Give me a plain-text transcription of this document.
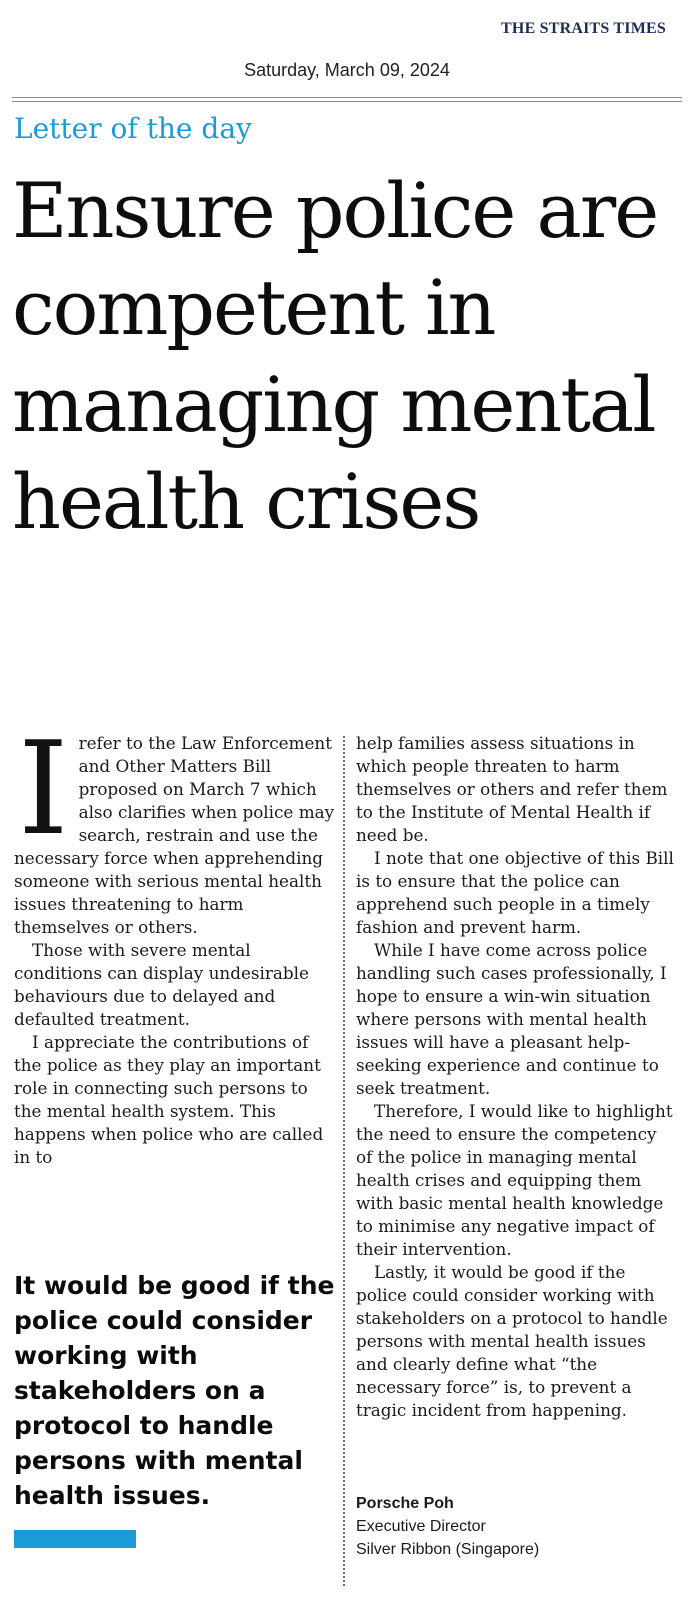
THE STRAITS TIMES
Saturday, March 09, 2024
Letter of the day
Ensure police are competent in managing mental health crises
I refer to the Law Enforcement and Other Matters Bill proposed on March 7 which also clarifies when police may search, restrain and use the necessary force when apprehending someone with serious mental health issues threatening to harm themselves or others.

Those with severe mental conditions can display undesirable behaviours due to delayed and defaulted treatment.

I appreciate the contributions of the police as they play an important role in connecting such persons to the mental health system. This happens when police who are called in to

help families assess situations in which people threaten to harm themselves or others and refer them to the Institute of Mental Health if need be.

I note that one objective of this Bill is to ensure that the police can apprehend such people in a timely fashion and prevent harm.

While I have come across police handling such cases professionally, I hope to ensure a win-win situation where persons with mental health issues will have a pleasant help-seeking experience and continue to seek treatment.

Therefore, I would like to highlight the need to ensure the competency of the police in managing mental health crises and equipping them with basic mental health knowledge to minimise any negative impact of their intervention.

Lastly, it would be good if the police could consider working with stakeholders on a protocol to handle persons with mental health issues and clearly define what “the necessary force” is, to prevent a tragic incident from happening.

It would be good if the police could consider working with stakeholders on a protocol to handle persons with mental health issues.	Porsche Poh
Executive Director
Silver Ribbon (Singapore)
